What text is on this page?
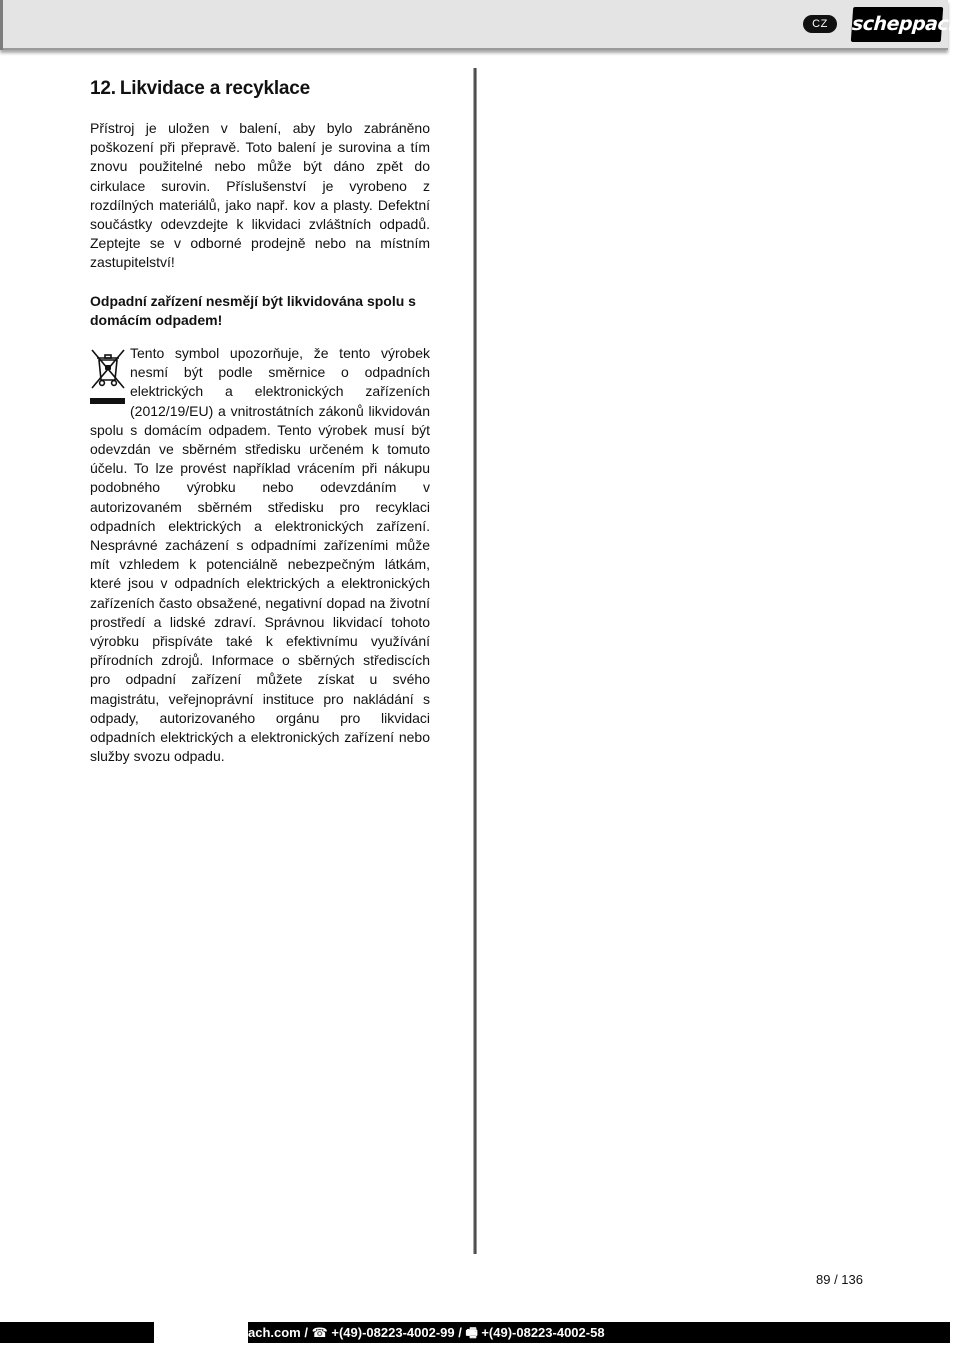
CZ	scheppach
12. Likvidace a recyklace

Přístroj je uložen v balení, aby bylo zabráněno poškození při přepravě. Toto balení je surovina a tím znovu použitelné nebo může být dáno zpět do cirkulace surovin. Příslušenství je vyrobeno z rozdílných materiálů, jako např. kov a plasty. Defektní součástky odevzdejte k likvidaci zvláštních odpadů. Zeptejte se v odborné prodejně nebo na místním zastupitelství!

Odpadní zařízení nesmějí být likvidována spolu s domácím odpadem!

Tento symbol upozorňuje, že tento výrobek nesmí být podle směrnice o odpadních elektrických a elektronických zařízeních (2012/19/EU) a vnitrostátních zákonů likvidován spolu s domácím odpadem. Tento výrobek musí být odevzdán ve sběrném středisku určeném k tomuto účelu. To lze provést například vrácením při nákupu podobného výrobku nebo odevzdáním v autorizovaném sběrném středisku pro recyklaci odpadních elektrických a elektronických zařízení. Nesprávné zacházení s odpadními zařízeními může mít vzhledem k potenciálně nebezpečným látkám, které jsou v odpadních elektrických a elektronických zařízeních často obsažené, negativní dopad na životní prostředí a lidské zdraví. Správnou likvidací tohoto výrobku přispíváte také k efektivnímu využívání přírodních zdrojů. Informace o sběrných střediscích pro odpadní zařízení můžete získat u svého magistrátu, veřejnoprávní instituce pro nakládání s odpady, autorizovaného orgánu pro likvidaci odpadních elektrických a elektronických zařízení nebo služby svozu odpadu.

89 / 136
ach.com / ☎ +(49)-08223-4002-99 / 🖷 +(49)-08223-4002-58
